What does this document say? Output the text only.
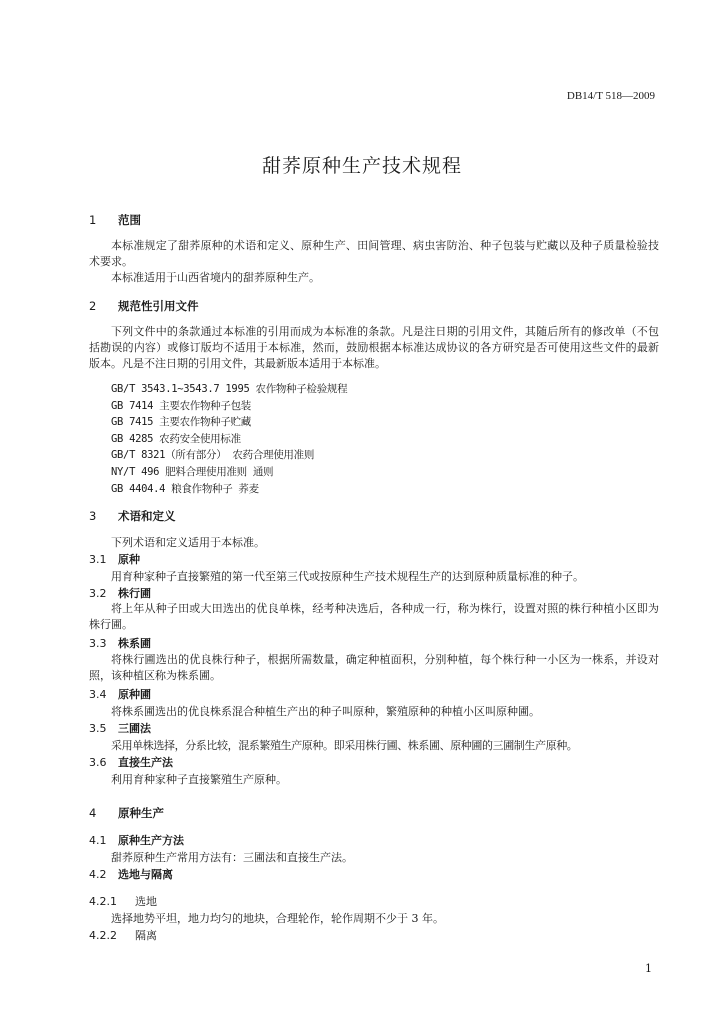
DB14/T 518—2009
甜荞原种生产技术规程
1 范围
本标准规定了甜荞原种的术语和定义、原种生产、田间管理、病虫害防治、种子包装与贮藏以及种子质量检验技术要求。
本标准适用于山西省境内的甜荞原种生产。
2 规范性引用文件
下列文件中的条款通过本标准的引用而成为本标准的条款。凡是注日期的引用文件，其随后所有的修改单（不包括勘误的内容）或修订版均不适用于本标准，然而，鼓励根据本标准达成协议的各方研究是否可使用这些文件的最新版本。凡是不注日期的引用文件，其最新版本适用于本标准。
GB/T 3543.1~3543.7 1995 农作物种子检验规程
GB 7414 主要农作物种子包装
GB 7415 主要农作物种子贮藏
GB 4285 农药安全使用标准
GB/T 8321（所有部分） 农药合理使用准则
NY/T 496 肥料合理使用准则 通则
GB 4404.4 粮食作物种子 荞麦
3 术语和定义
下列术语和定义适用于本标准。
3.1 原种
用育种家种子直接繁殖的第一代至第三代或按原种生产技术规程生产的达到原种质量标准的种子。
3.2 株行圃
将上年从种子田或大田选出的优良单株，经考种决选后，各种成一行，称为株行，设置对照的株行种植小区即为株行圃。
3.3 株系圃
将株行圃选出的优良株行种子，根据所需数量，确定种植面积，分别种植，每个株行种一小区为一株系，并设对照，该种植区称为株系圃。
3.4 原种圃
将株系圃选出的优良株系混合种植生产出的种子叫原种，繁殖原种的种植小区叫原种圃。
3.5 三圃法
采用单株选择，分系比较，混系繁殖生产原种。即采用株行圃、株系圃、原种圃的三圃制生产原种。
3.6 直接生产法
利用育种家种子直接繁殖生产原种。
4 原种生产
4.1 原种生产方法
甜荞原种生产常用方法有：三圃法和直接生产法。
4.2 选地与隔离
4.2.1 选地
选择地势平坦，地力均匀的地块，合理轮作，轮作周期不少于 3 年。
4.2.2 隔离
1
